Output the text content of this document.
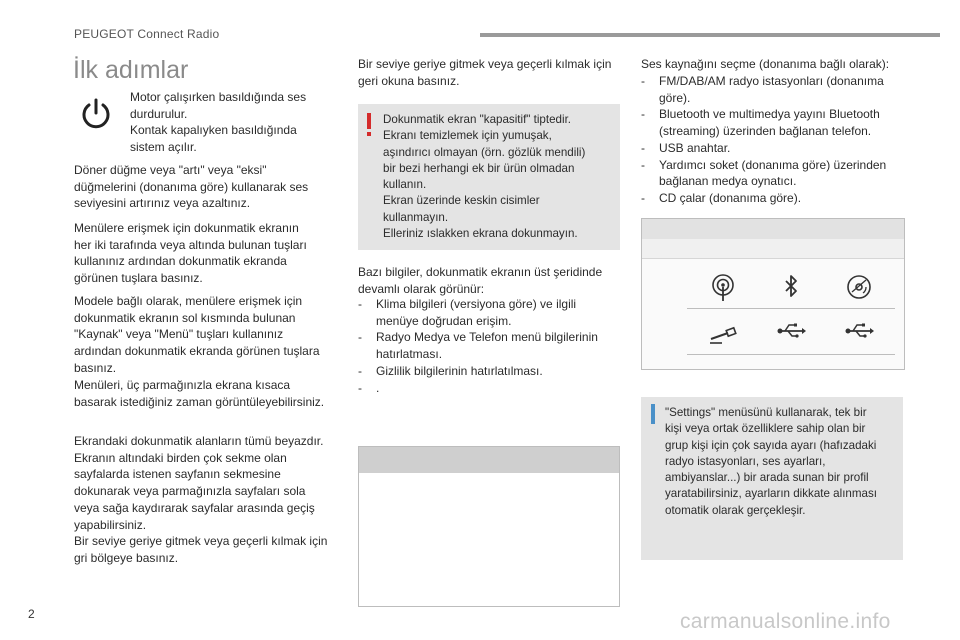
PEUGEOT Connect Radio
İlk adımlar
Motor çalışırken basıldığında ses
durdurulur.
Kontak kapalıyken basıldığında
sistem açılır.
Döner düğme veya "artı" veya "eksi"
düğmelerini (donanıma göre) kullanarak ses
seviyesini artırınız veya azaltınız.
Menülere erişmek için dokunmatik ekranın
her iki tarafında veya altında bulunan tuşları
kullanınız ardından dokunmatik ekranda
görünen tuşlara basınız.
Modele bağlı olarak, menülere erişmek için
dokunmatik ekranın sol kısmında bulunan
"Kaynak" veya "Menü" tuşları kullanınız
ardından dokunmatik ekranda görünen tuşlara
basınız.
Menüleri, üç parmağınızla ekrana kısaca
basarak istediğiniz zaman görüntüleyebilirsiniz.
Ekrandaki dokunmatik alanların tümü beyazdır.
Ekranın altındaki birden çok sekme olan
sayfalarda istenen sayfanın sekmesine
dokunarak veya parmağınızla sayfaları sola
veya sağa kaydırarak sayfalar arasında geçiş
yapabilirsiniz.
Bir seviye geriye gitmek veya geçerli kılmak için
gri bölgeye basınız.
Bir seviye geriye gitmek veya geçerli kılmak için
geri okuna basınız.
Dokunmatik ekran "kapasitif" tiptedir.
Ekranı temizlemek için yumuşak,
aşındırıcı olmayan (örn. gözlük mendili)
bir bezi herhangi ek bir ürün olmadan
kullanın.
Ekran üzerinde keskin cisimler
kullanmayın.
Elleriniz ıslakken ekrana dokunmayın.
Bazı bilgiler, dokunmatik ekranın üst şeridinde
devamlı olarak görünür:
-	Klima bilgileri (versiyona göre) ve ilgili
menüye doğrudan erişim.
-	Radyo Medya ve Telefon menü bilgilerinin
hatırlatması.
-	Gizlilik bilgilerinin hatırlatılması.
-	.
Ses kaynağını seçme (donanıma bağlı olarak):
-	FM/DAB/AM radyo istasyonları (donanıma
göre).
-	Bluetooth ve multimedya yayını Bluetooth
(streaming) üzerinden bağlanan telefon.
-	USB anahtar.
-	Yardımcı soket (donanıma göre) üzerinden
bağlanan medya oynatıcı.
-	CD çalar (donanıma göre).
"Settings" menüsünü kullanarak, tek bir
kişi veya ortak özelliklere sahip olan bir
grup kişi için çok sayıda ayarı (hafızadaki
radyo istasyonları, ses ayarları,
ambiyanslar...) bir arada sunan bir profil
yaratabilirsiniz, ayarların dikkate alınması
otomatik olarak gerçekleşir.
2	carmanualsonline.info
